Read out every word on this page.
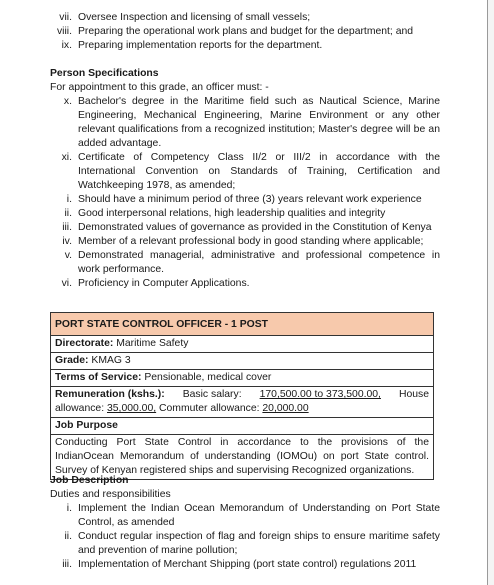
vii. Oversee Inspection and licensing of small vessels;
viii. Preparing the operational work plans and budget for the department; and
ix. Preparing implementation reports for the department.
Person Specifications
For appointment to this grade, an officer must: -
x. Bachelor's degree in the Maritime field such as Nautical Science, Marine Engineering, Mechanical Engineering, Marine Environment or any other relevant qualifications from a recognized institution; Master's degree will be an added advantage.
xi. Certificate of Competency Class II/2 or III/2 in accordance with the International Convention on Standards of Training, Certification and Watchkeeping 1978, as amended;
i. Should have a minimum period of three (3) years relevant work experience
ii. Good interpersonal relations, high leadership qualities and integrity
iii. Demonstrated values of governance as provided in the Constitution of Kenya
iv. Member of a relevant professional body in good standing where applicable;
v. Demonstrated managerial, administrative and professional competence in work performance.
vi. Proficiency in Computer Applications.
PORT STATE CONTROL OFFICER - 1 POST
Directorate: Maritime Safety
Grade: KMAG 3
Terms of Service: Pensionable, medical cover

Remuneration (kshs.): Basic salary: 170,500.00 to 373,500.00, House
allowance: 35,000.00, Commuter allowance: 20,000.00

Job Purpose
Conducting Port State Control in accordance to the provisions of the IndianOcean Memorandum of understanding (IOMOu) on port State control. Survey of Kenyan registered ships and supervising Recognized organizations.
Job Description
Duties and responsibilities
i. Implement the Indian Ocean Memorandum of Understanding on Port State Control, as amended
ii. Conduct regular inspection of flag and foreign ships to ensure maritime safety and prevention of marine pollution;
iii. Implementation of Merchant Shipping (port state control) regulations 2011
